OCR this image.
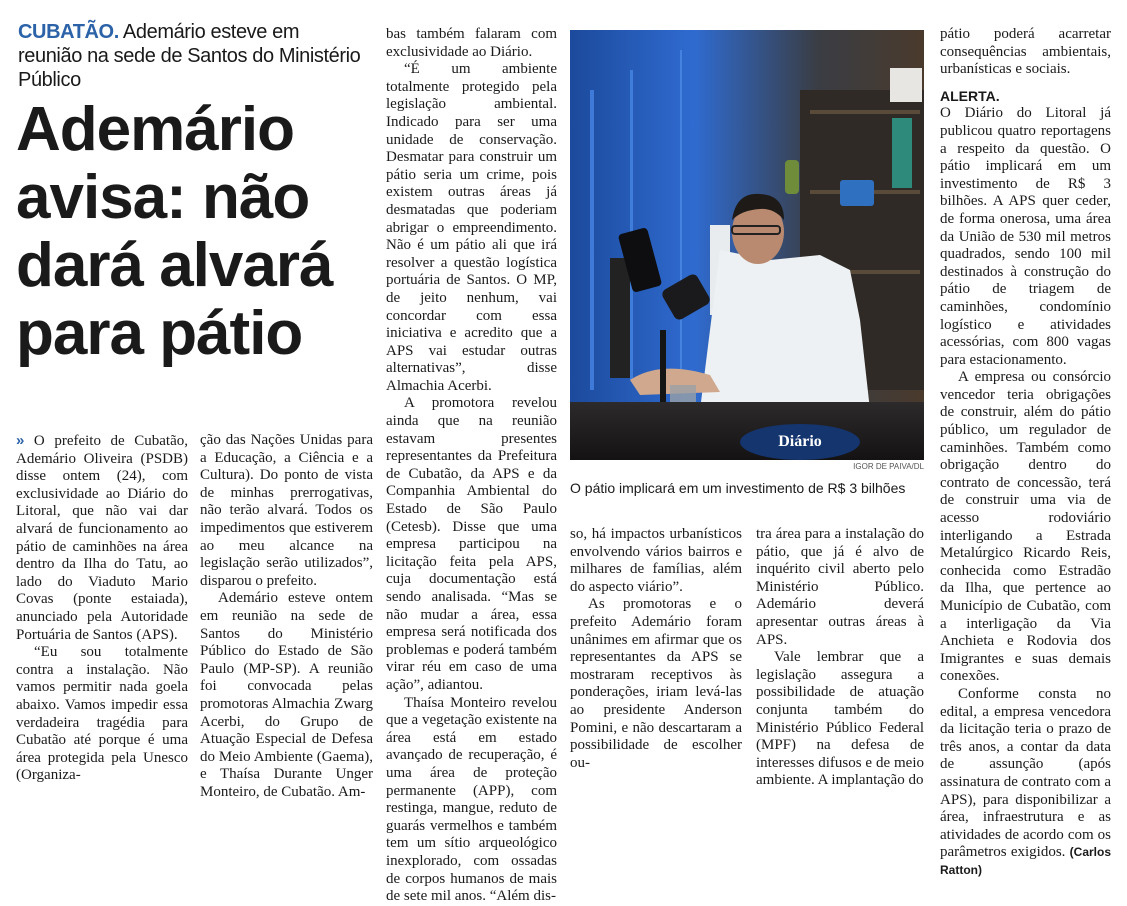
CUBATÃO. Ademário esteve em reunião na sede de Santos do Ministério Público
Ademário avisa: não dará alvará para pátio

» O prefeito de Cubatão, Ademário Oliveira (PSDB) disse ontem (24), com exclusividade ao Diário do Litoral, que não vai dar alvará de funcionamento ao pátio de caminhões na área dentro da Ilha do Tatu, ao lado do Viaduto Mario Covas (ponte estaiada), anunciado pela Autoridade Portuária de Santos (APS).

“Eu sou totalmente contra a instalação. Não vamos permitir nada goela abaixo. Vamos impedir essa verdadeira tragédia para Cubatão até porque é uma área protegida pela Unesco (Organiza-

ção das Nações Unidas para a Educação, a Ciência e a Cultura). Do ponto de vista de minhas prerrogativas, não terão alvará. Todos os impedimentos que estiverem ao meu alcance na legislação serão utilizados”, disparou o prefeito.

Ademário esteve ontem em reunião na sede de Santos do Ministério Público do Estado de São Paulo (MP-SP). A reunião foi convocada pelas promotoras Almachia Zwarg Acerbi, do Grupo de Atuação Especial de Defesa do Meio Ambiente (Gaema), e Thaísa Durante Unger Monteiro, de Cubatão. Am-

bas também falaram com exclusividade ao Diário.

“É um ambiente totalmente protegido pela legislação ambiental. Indicado para ser uma unidade de conservação. Desmatar para construir um pátio seria um crime, pois existem outras áreas já desmatadas que poderiam abrigar o empreendimento. Não é um pátio ali que irá resolver a questão logística portuária de Santos. O MP, de jeito nenhum, vai concordar com essa iniciativa e acredito que a APS vai estudar outras alternativas”, disse Almachia Acerbi.

A promotora revelou ainda que na reunião estavam presentes representantes da Prefeitura de Cubatão, da APS e da Companhia Ambiental do Estado de São Paulo (Cetesb). Disse que uma empresa participou na licitação feita pela APS, cuja documentação está sendo analisada. “Mas se não mudar a área, essa empresa será notificada dos problemas e poderá também virar réu em caso de uma ação”, adiantou.

Thaísa Monteiro revelou que a vegetação existente na área está em estado avançado de recuperação, é uma área de proteção permanente (APP), com restinga, mangue, reduto de guarás vermelhos e também tem um sítio arqueológico inexplorado, com ossadas de corpos humanos de mais de sete mil anos. “Além dis-

Diário
IGOR DE PAIVA/DL
O pátio implicará em um investimento de R$ 3 bilhões

so, há impactos urbanísticos envolvendo vários bairros e milhares de famílias, além do aspecto viário”.

As promotoras e o prefeito Ademário foram unânimes em afirmar que os representantes da APS se mostraram receptivos às ponderações, iriam levá-las ao presidente Anderson Pomini, e não descartaram a possibilidade de escolher ou-

tra área para a instalação do pátio, que já é alvo de inquérito civil aberto pelo Ministério Público. Ademário deverá apresentar outras áreas à APS.

Vale lembrar que a legislação assegura a possibilidade de atuação conjunta também do Ministério Público Federal (MPF) na defesa de interesses difusos e de meio ambiente. A implantação do

pátio poderá acarretar consequências ambientais, urbanísticas e sociais.

ALERTA.

O Diário do Litoral já publicou quatro reportagens a respeito da questão. O pátio implicará em um investimento de R$ 3 bilhões. A APS quer ceder, de forma onerosa, uma área da União de 530 mil metros quadrados, sendo 100 mil destinados à construção do pátio de triagem de caminhões, condomínio logístico e atividades acessórias, com 800 vagas para estacionamento.

A empresa ou consórcio vencedor teria obrigações de construir, além do pátio público, um regulador de caminhões. Também como obrigação dentro do contrato de concessão, terá de construir uma via de acesso rodoviário interligando a Estrada Metalúrgico Ricardo Reis, conhecida como Estradão da Ilha, que pertence ao Município de Cubatão, com a interligação da Via Anchieta e Rodovia dos Imigrantes e suas demais conexões.

Conforme consta no edital, a empresa vencedora da licitação teria o prazo de três anos, a contar da data de assunção (após assinatura de contrato com a APS), para disponibilizar a área, infraestrutura e as atividades de acordo com os parâmetros exigidos. (Carlos Ratton)
